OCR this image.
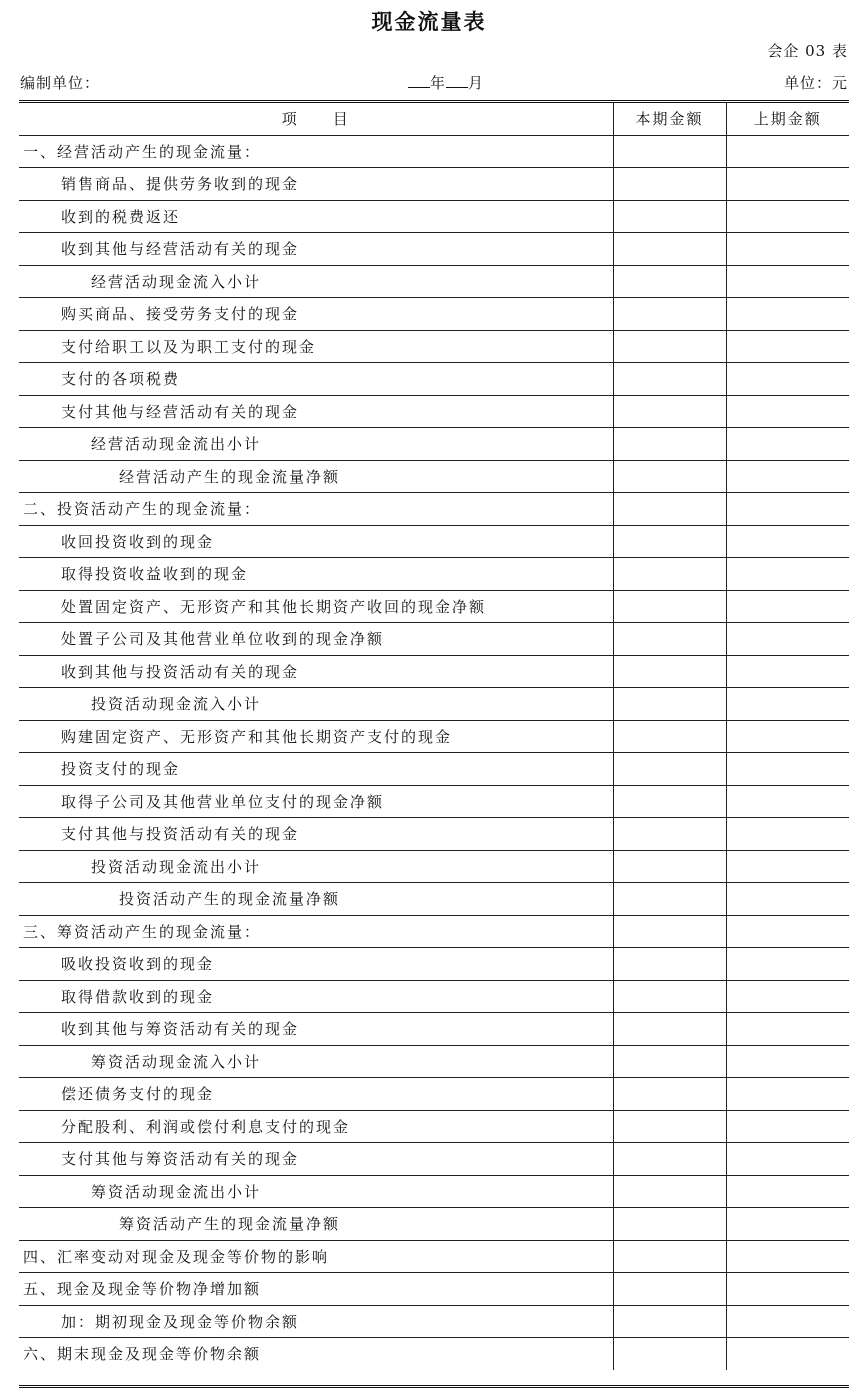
现金流量表
会企 03 表
编制单位：	年 月	单位：元
项　　目	本期金额	上期金额
一、经营活动产生的现金流量：		
销售商品、提供劳务收到的现金		
收到的税费返还		
收到其他与经营活动有关的现金		
经营活动现金流入小计		
购买商品、接受劳务支付的现金		
支付给职工以及为职工支付的现金		
支付的各项税费		
支付其他与经营活动有关的现金		
经营活动现金流出小计		
经营活动产生的现金流量净额		
二、投资活动产生的现金流量：		
收回投资收到的现金		
取得投资收益收到的现金		
处置固定资产、无形资产和其他长期资产收回的现金净额		
处置子公司及其他营业单位收到的现金净额		
收到其他与投资活动有关的现金		
投资活动现金流入小计		
购建固定资产、无形资产和其他长期资产支付的现金		
投资支付的现金		
取得子公司及其他营业单位支付的现金净额		
支付其他与投资活动有关的现金		
投资活动现金流出小计		
投资活动产生的现金流量净额		
三、筹资活动产生的现金流量：		
吸收投资收到的现金		
取得借款收到的现金		
收到其他与筹资活动有关的现金		
筹资活动现金流入小计		
偿还债务支付的现金		
分配股利、利润或偿付利息支付的现金		
支付其他与筹资活动有关的现金		
筹资活动现金流出小计		
筹资活动产生的现金流量净额		
四、汇率变动对现金及现金等价物的影响		
五、现金及现金等价物净增加额		
加：期初现金及现金等价物余额		
六、期末现金及现金等价物余额		
